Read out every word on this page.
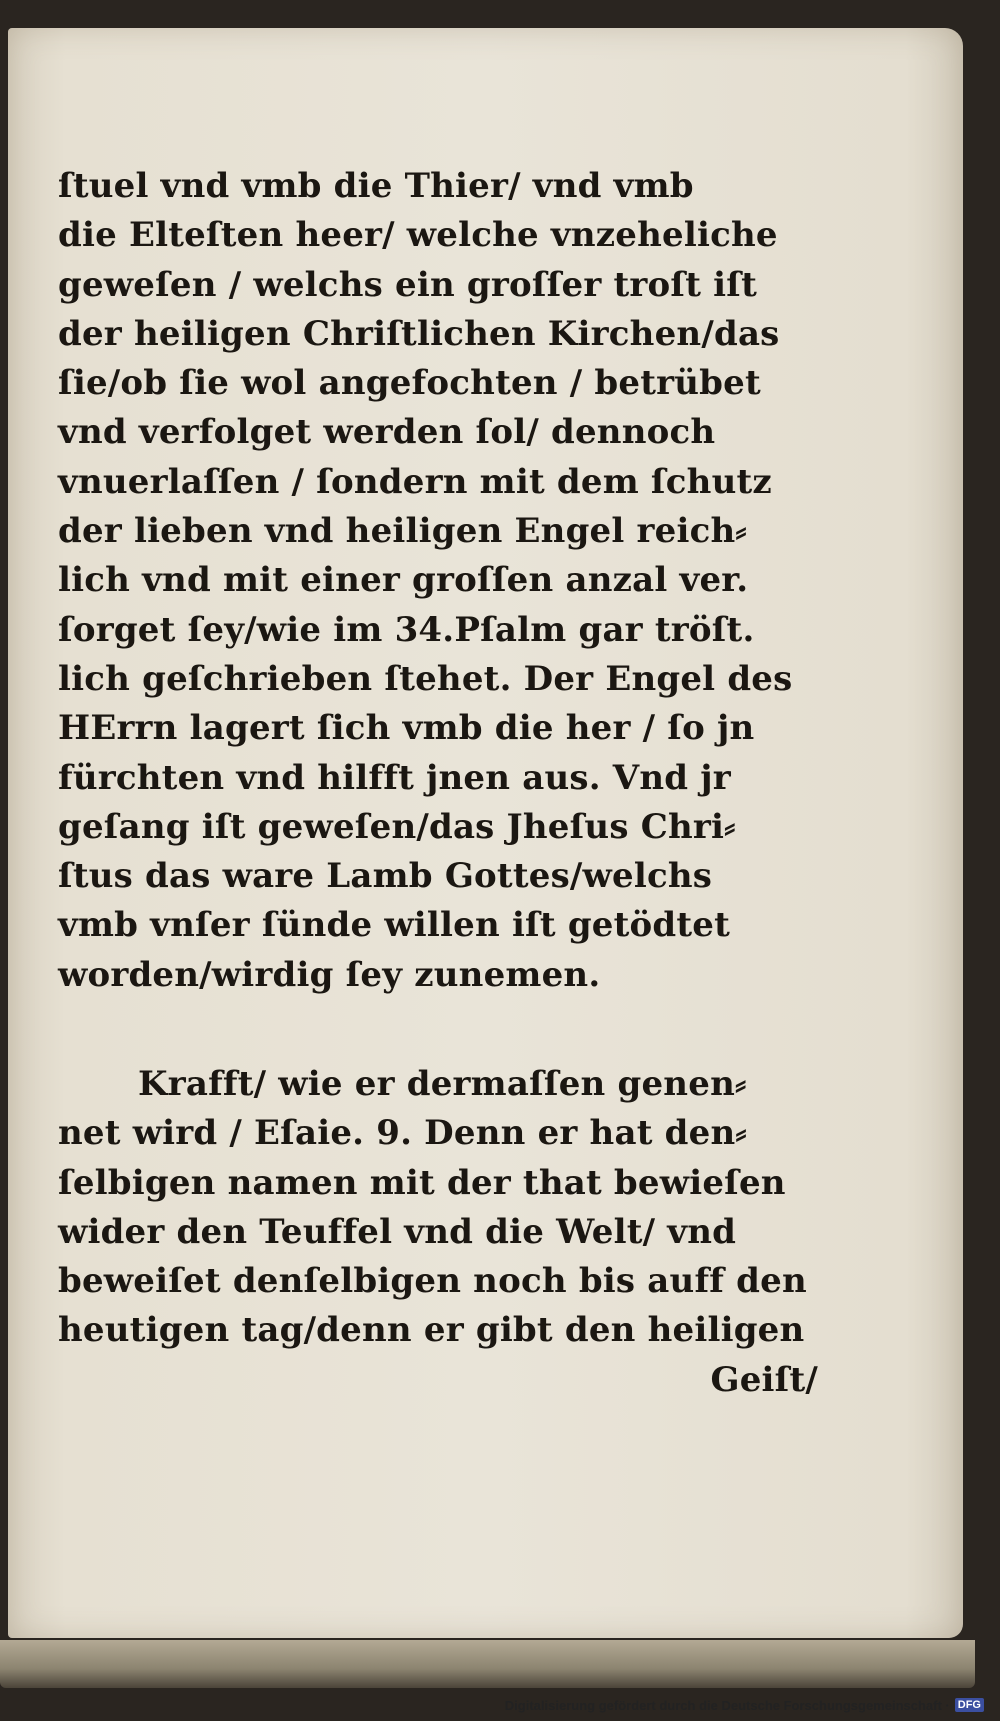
ſtuel vnd vmb die Thier/ vnd vmb
die Elteſten heer/ welche vnzeheliche
geweſen / welchs ein groſſer troſt iſt
der heiligen Chriſtlichen Kirchen/das
ſie/ob ſie wol angefochten / betrübet
vnd verfolget werden ſol/ dennoch
vnuerlaſſen / ſondern mit dem ſchutz
der lieben vnd heiligen Engel reich⸗
lich vnd mit einer groſſen anzal ver.
ſorget ſey/wie im 34.Pſalm gar tröſt.
lich geſchrieben ſtehet. Der Engel des
HErrn lagert ſich vmb die her / ſo jn
fürchten vnd hilfft jnen aus. Vnd jr
geſang iſt geweſen/das Jheſus Chri⸗
ſtus das ware Lamb Gottes/welchs
vmb vnſer ſünde willen iſt getödtet
worden/wirdig ſey zunemen.
Krafft/ wie er dermaſſen genen⸗
net wird / Eſaie. 9. Denn er hat den⸗
ſelbigen namen mit der that bewieſen
wider den Teuffel vnd die Welt/ vnd
beweiſet denſelbigen noch bis auff den
heutigen tag/denn er gibt den heiligen
Geiſt/
Digitalisierung gefördert durch die Deutsche Forschungsgemeinschaft · DFG
